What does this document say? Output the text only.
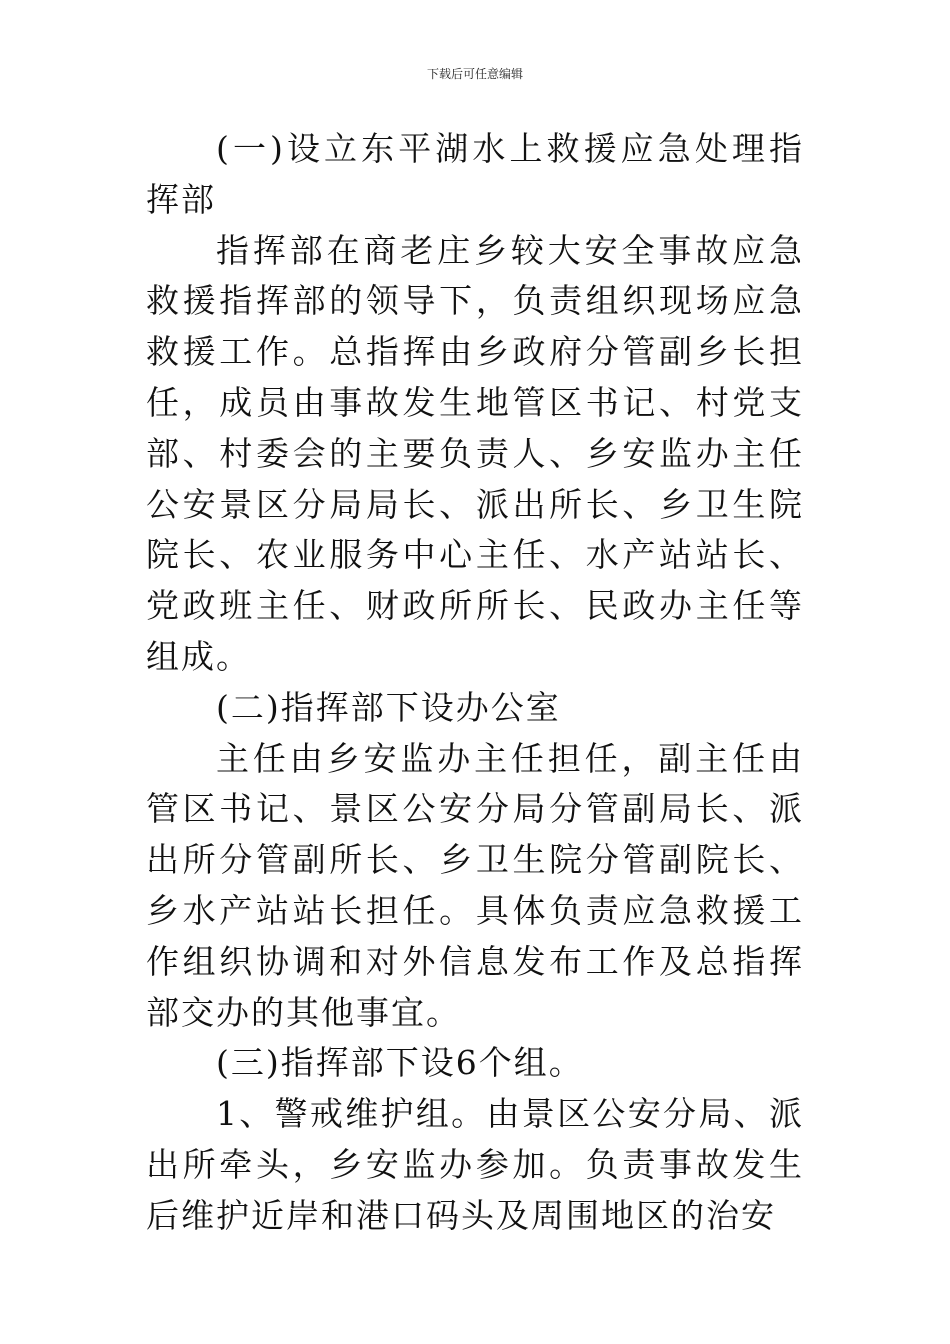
下载后可任意编辑

(一)设立东平湖水上救援应急处理指挥部

指挥部在商老庄乡较大安全事故应急救援指挥部的领导下，负责组织现场应急救援工作。总指挥由乡政府分管副乡长担任，成员由事故发生地管区书记、村党支部、村委会的主要负责人、乡安监办主任公安景区分局局长、派出所长、乡卫生院院长、农业服务中心主任、水产站站长、党政班主任、财政所所长、民政办主任等组成。

(二)指挥部下设办公室

主任由乡安监办主任担任，副主任由管区书记、景区公安分局分管副局长、派出所分管副所长、乡卫生院分管副院长、乡水产站站长担任。具体负责应急救援工作组织协调和对外信息发布工作及总指挥部交办的其他事宜。

(三)指挥部下设6个组。

1、警戒维护组。由景区公安分局、派出所牵头，乡安监办参加。负责事故发生后维护近岸和港口码头及周围地区的治安
